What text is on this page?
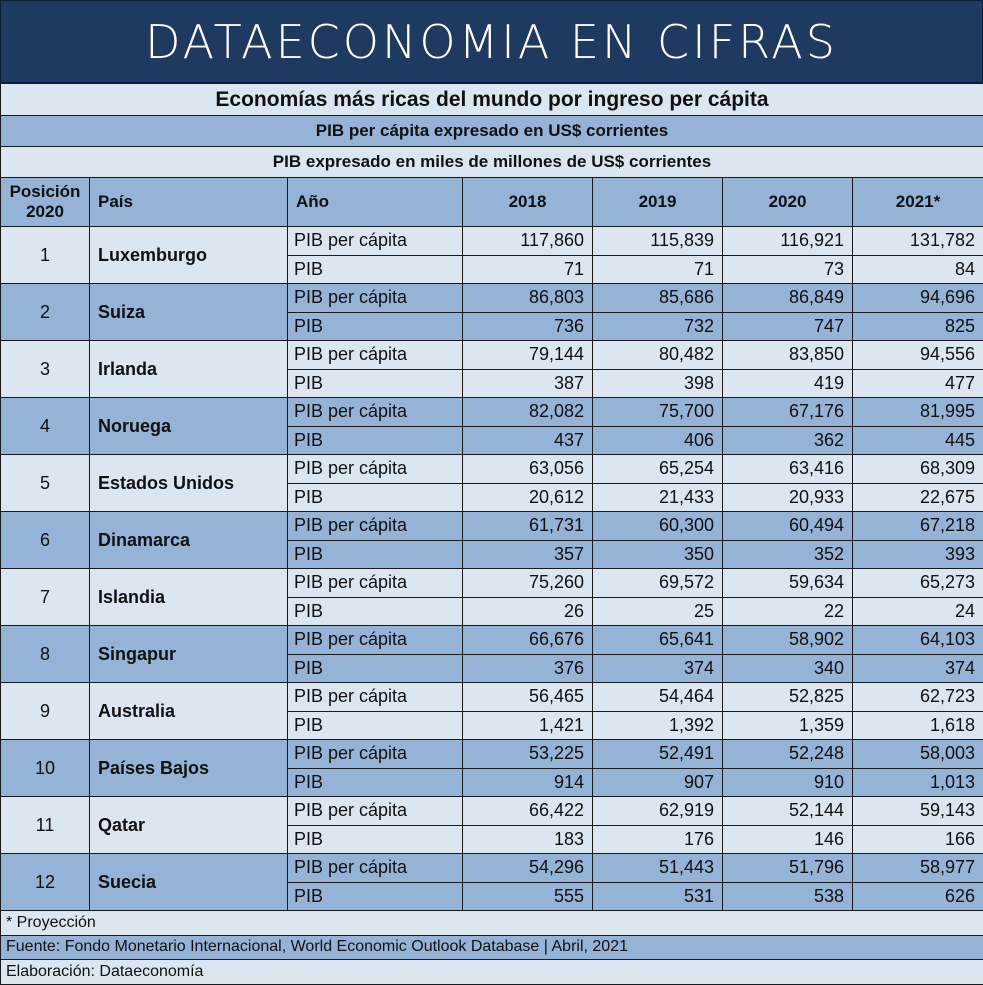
DATAECONOMIA EN CIFRAS
Economías más ricas del mundo por ingreso per cápita						
PIB per cápita expresado en US$ corrientes						
PIB expresado en miles de millones de US$ corrientes						
Posición
2020	País	Año	2018	2019	2020	2021*
1	Luxemburgo	PIB per cápita	117,860	115,839	116,921	131,782
		PIB	71	71	73	84
2	Suiza	PIB per cápita	86,803	85,686	86,849	94,696
		PIB	736	732	747	825
3	Irlanda	PIB per cápita	79,144	80,482	83,850	94,556
		PIB	387	398	419	477
4	Noruega	PIB per cápita	82,082	75,700	67,176	81,995
		PIB	437	406	362	445
5	Estados Unidos	PIB per cápita	63,056	65,254	63,416	68,309
		PIB	20,612	21,433	20,933	22,675
6	Dinamarca	PIB per cápita	61,731	60,300	60,494	67,218
		PIB	357	350	352	393
7	Islandia	PIB per cápita	75,260	69,572	59,634	65,273
		PIB	26	25	22	24
8	Singapur	PIB per cápita	66,676	65,641	58,902	64,103
		PIB	376	374	340	374
9	Australia	PIB per cápita	56,465	54,464	52,825	62,723
		PIB	1,421	1,392	1,359	1,618
10	Países Bajos	PIB per cápita	53,225	52,491	52,248	58,003
		PIB	914	907	910	1,013
11	Qatar	PIB per cápita	66,422	62,919	52,144	59,143
		PIB	183	176	146	166
12	Suecia	PIB per cápita	54,296	51,443	51,796	58,977
		PIB	555	531	538	626
* Proyección						
Fuente: Fondo Monetario Internacional, World Economic Outlook Database | Abril, 2021						
Elaboración: Dataeconomía						
